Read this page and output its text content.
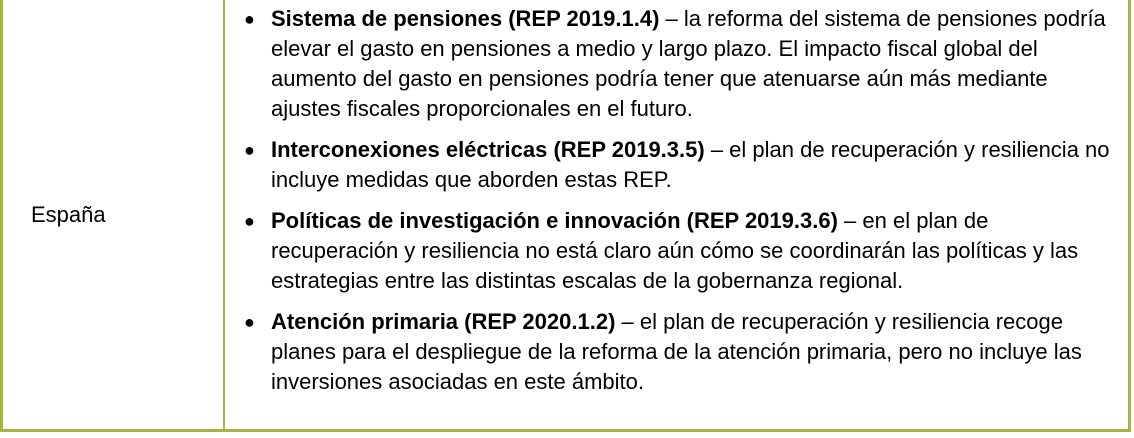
España
● Sistema de pensiones (REP 2019.1.4) – la reforma del sistema de pensiones podría elevar el gasto en pensiones a medio y largo plazo. El impacto fiscal global del aumento del gasto en pensiones podría tener que atenuarse aún más mediante ajustes fiscales proporcionales en el futuro.
● Interconexiones eléctricas (REP 2019.3.5) – el plan de recuperación y resiliencia no incluye medidas que aborden estas REP.
● Políticas de investigación e innovación (REP 2019.3.6) – en el plan de recuperación y resiliencia no está claro aún cómo se coordinarán las políticas y las estrategias entre las distintas escalas de la gobernanza regional.
● Atención primaria (REP 2020.1.2) – el plan de recuperación y resiliencia recoge planes para el despliegue de la reforma de la atención primaria, pero no incluye las inversiones asociadas en este ámbito.
